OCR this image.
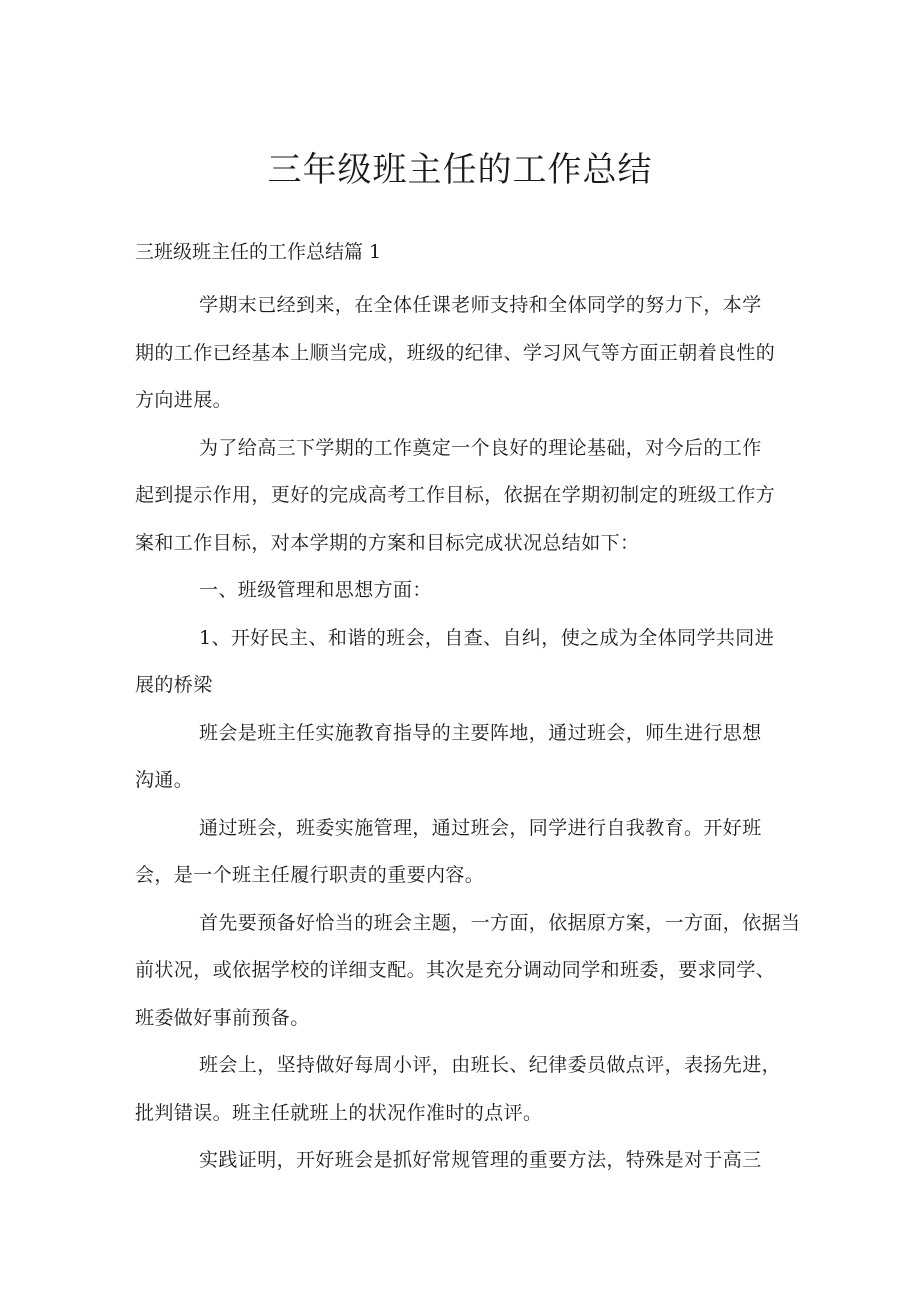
三年级班主任的工作总结

三班级班主任的工作总结篇 1

学期末已经到来，在全体任课老师支持和全体同学的努力下，本学
期的工作已经基本上顺当完成，班级的纪律、学习风气等方面正朝着良性的
方向进展。

为了给高三下学期的工作奠定一个良好的理论基础，对今后的工作
起到提示作用，更好的完成高考工作目标，依据在学期初制定的班级工作方
案和工作目标，对本学期的方案和目标完成状况总结如下：

一、班级管理和思想方面：

1、开好民主、和谐的班会，自查、自纠，使之成为全体同学共同进
展的桥梁

班会是班主任实施教育指导的主要阵地，通过班会，师生进行思想
沟通。

通过班会，班委实施管理，通过班会，同学进行自我教育。开好班
会，是一个班主任履行职责的重要内容。

首先要预备好恰当的班会主题，一方面，依据原方案，一方面，依据当
前状况，或依据学校的详细支配。其次是充分调动同学和班委，要求同学、
班委做好事前预备。

班会上，坚持做好每周小评，由班长、纪律委员做点评，表扬先进，
批判错误。班主任就班上的状况作准时的点评。

实践证明，开好班会是抓好常规管理的重要方法，特殊是对于高三
